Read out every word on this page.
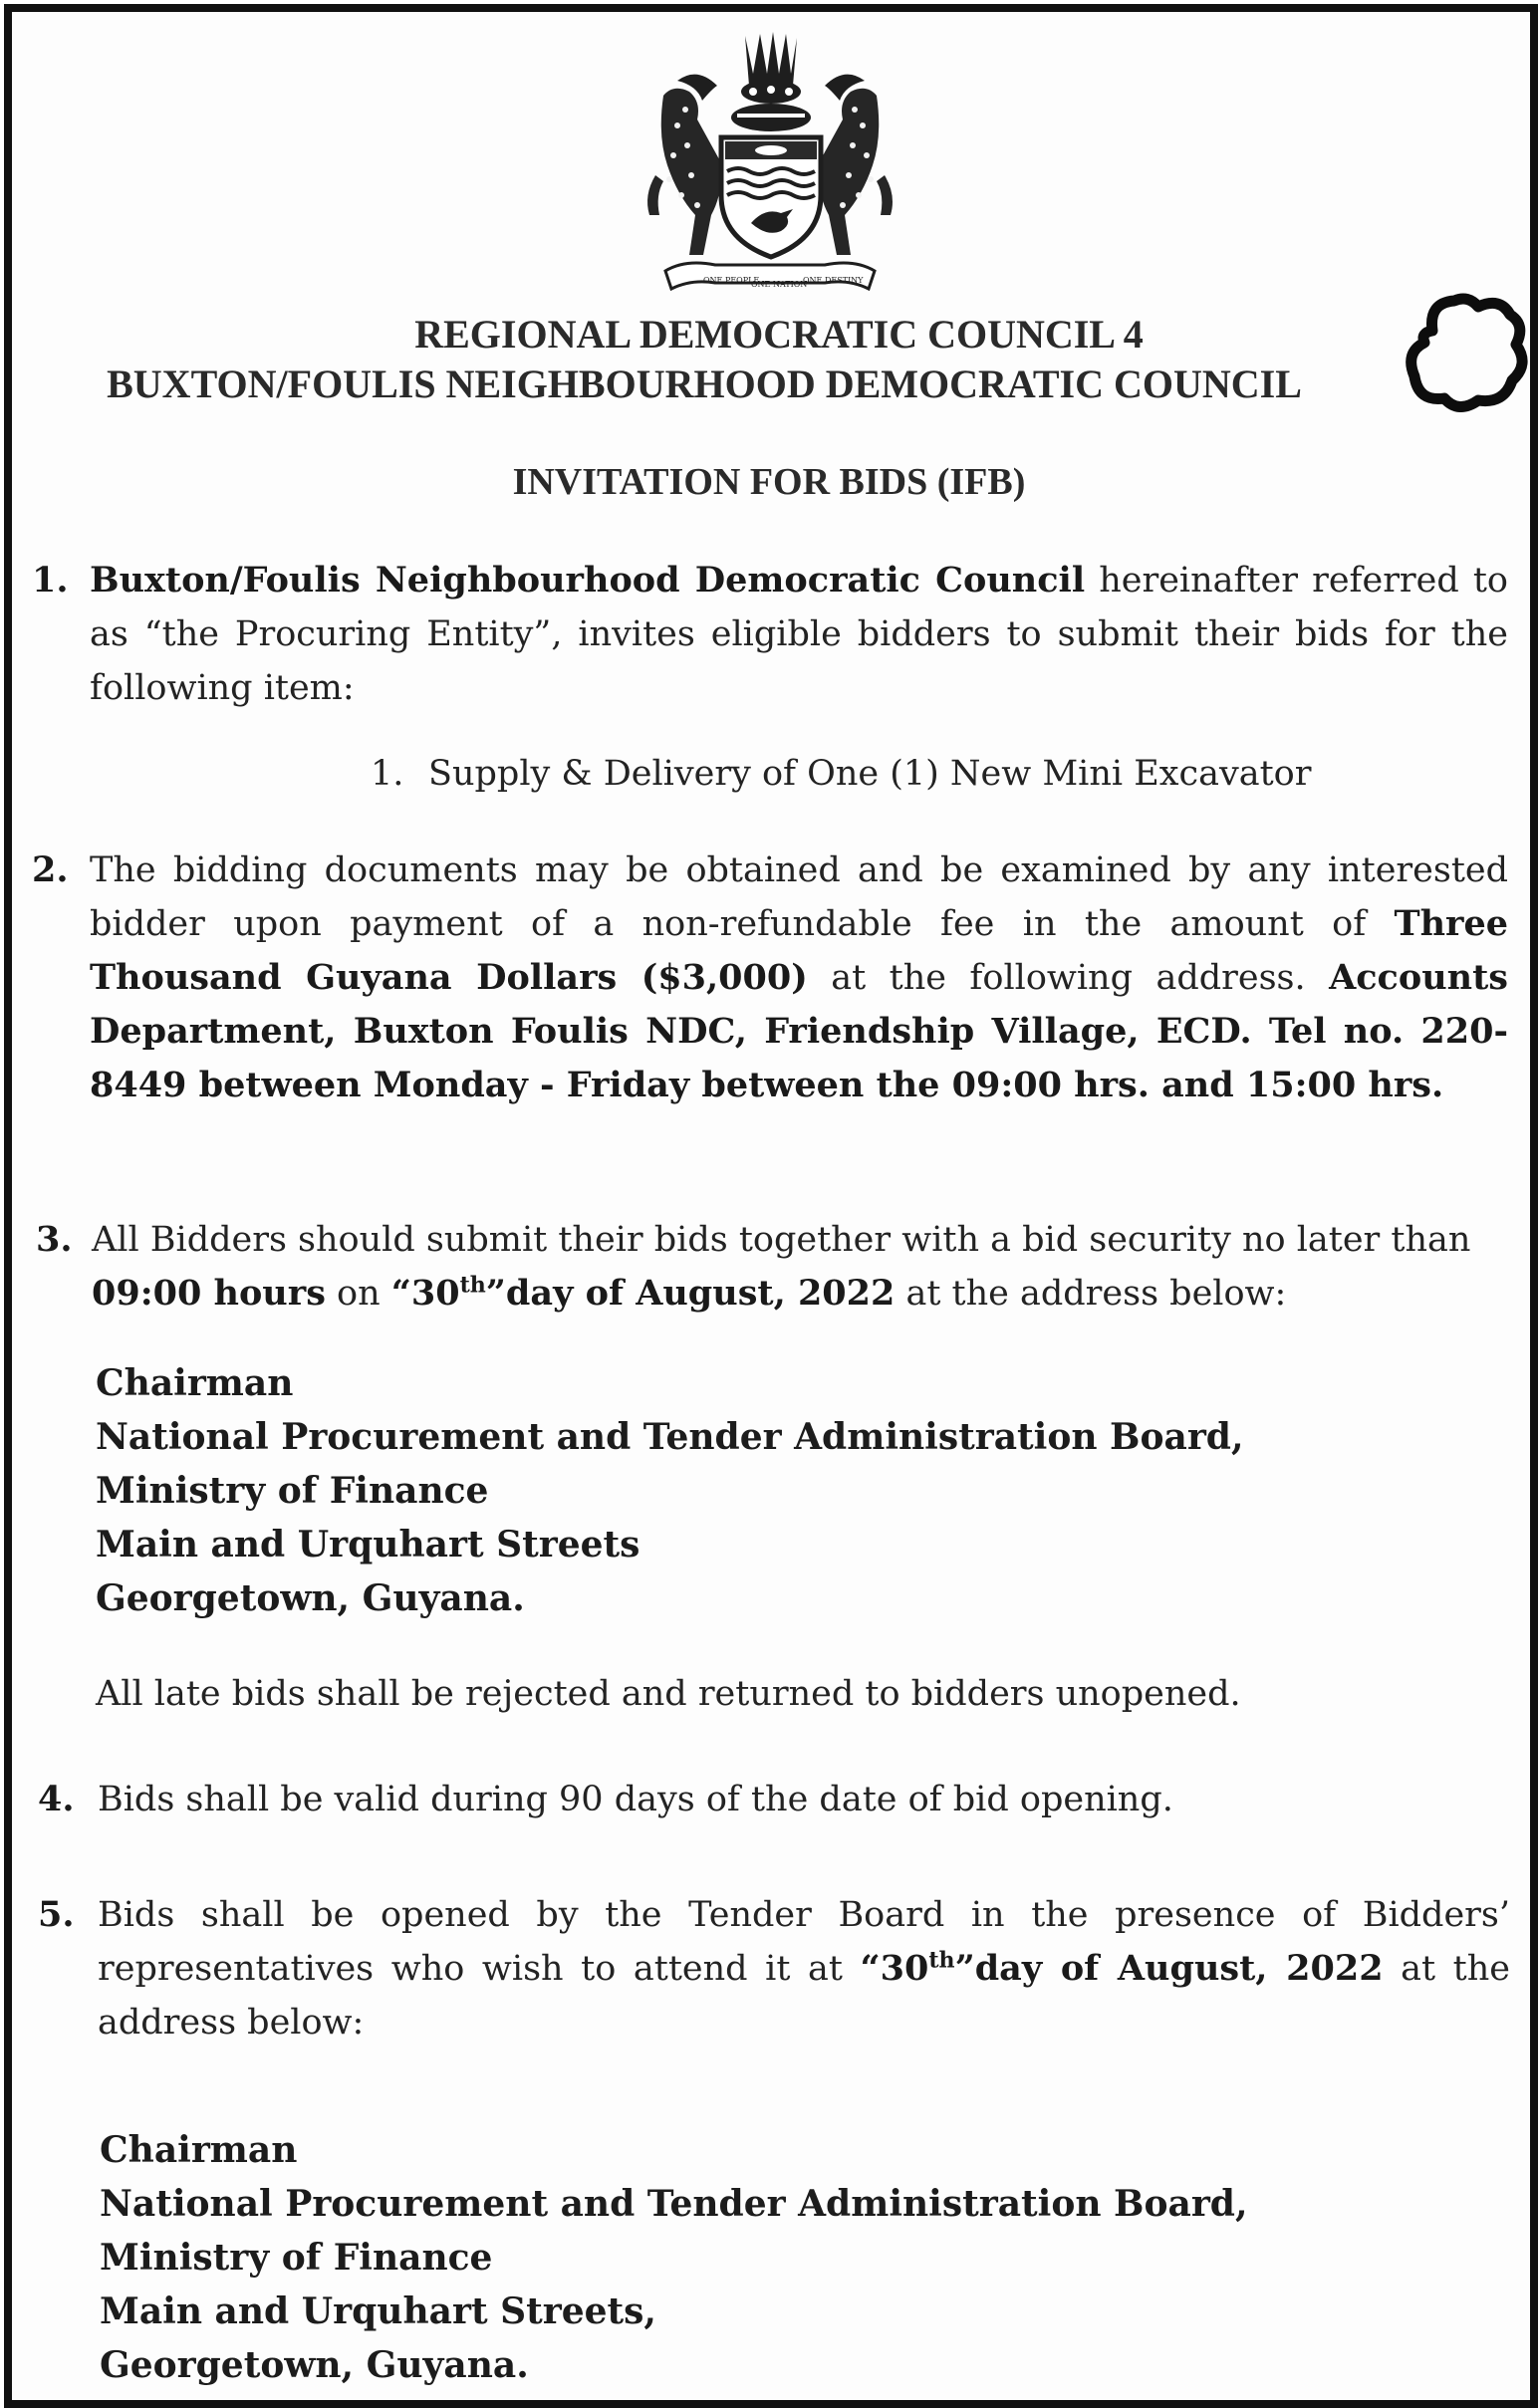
ONE PEOPLE
ONE NATION
ONE DESTINY
REGIONAL DEMOCRATIC COUNCIL 4
BUXTON/FOULIS NEIGHBOURHOOD DEMOCRATIC COUNCIL
INVITATION FOR BIDS (IFB)
1. Buxton/Foulis Neighbourhood Democratic Council hereinafter referred to as “the Procuring Entity”, invites eligible bidders to submit their bids for the following item:
1. Supply & Delivery of One (1) New Mini Excavator
2. The bidding documents may be obtained and be examined by any interested bidder upon payment of a non-refundable fee in the amount of Three Thousand Guyana Dollars ($3,000) at the following address. Accounts Department, Buxton Foulis NDC, Friendship Village, ECD. Tel no. 220-8449 between Monday - Friday between the 09:00 hrs. and 15:00 hrs.
3. All Bidders should submit their bids together with a bid security no later than
09:00 hours on “30th”day of August, 2022 at the address below:
Chairman
National Procurement and Tender Administration Board,
Ministry of Finance
Main and Urquhart Streets
Georgetown, Guyana.
All late bids shall be rejected and returned to bidders unopened.
4. Bids shall be valid during 90 days of the date of bid opening.
5. Bids shall be opened by the Tender Board in the presence of Bidders’ representatives who wish to attend it at “30th”day of August, 2022 at the address below:
Chairman
National Procurement and Tender Administration Board,
Ministry of Finance
Main and Urquhart Streets,
Georgetown, Guyana.
